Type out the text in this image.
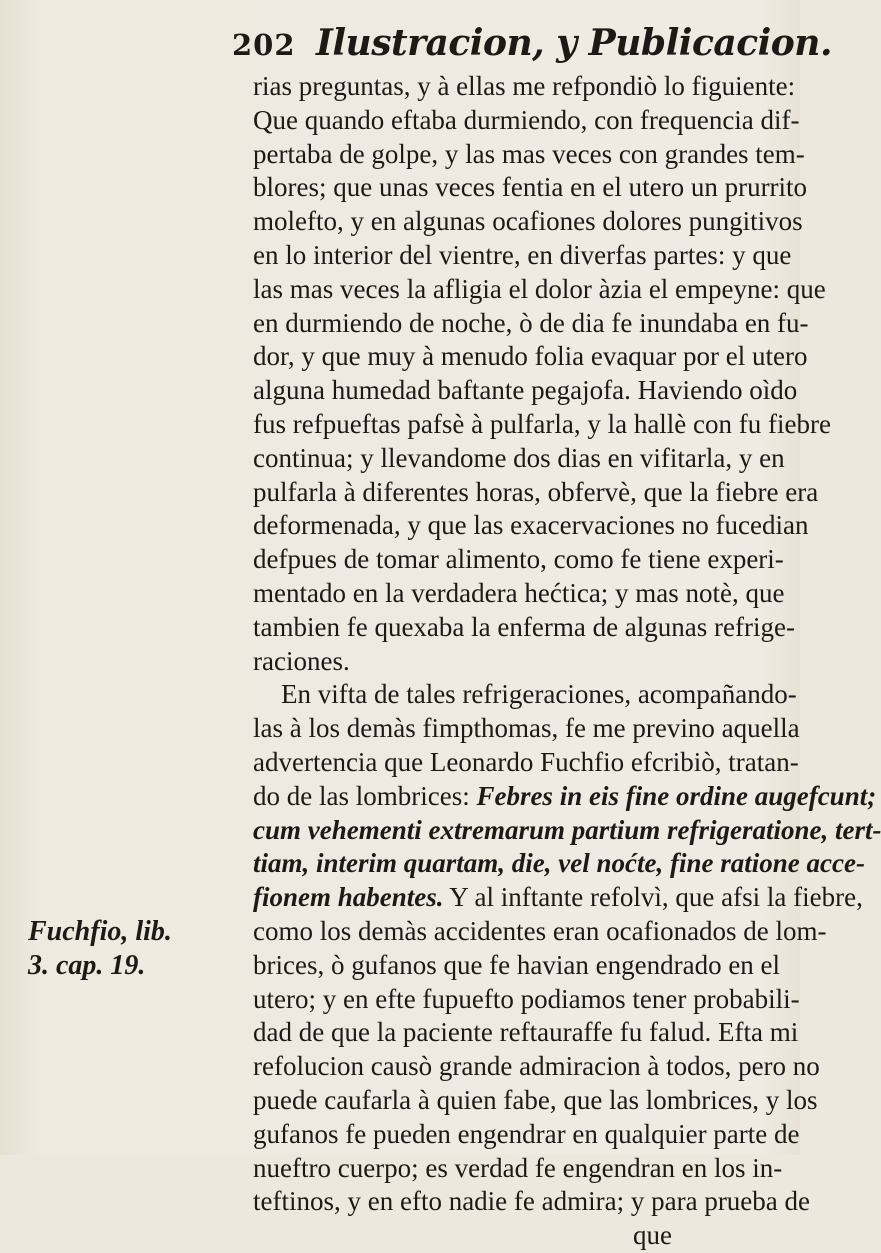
202 Ilustracion, y Publicacion.
rias preguntas, y à ellas me refpondiò lo figuiente:
Que quando eftaba durmiendo, con frequencia dif-
pertaba de golpe, y las mas veces con grandes tem-
blores; que unas veces fentia en el utero un prurrito
molefto, y en algunas ocafiones dolores pungitivos
en lo interior del vientre, en diverfas partes: y que
las mas veces la afligia el dolor àzia el empeyne: que
en durmiendo de noche, ò de dia fe inundaba en fu-
dor, y que muy à menudo folia evaquar por el utero
alguna humedad baftante pegajofa. Haviendo oìdo
fus refpueftas pafsè à pulfarla, y la hallè con fu fiebre
continua; y llevandome dos dias en vifitarla, y en
pulfarla à diferentes horas, obfervè, que la fiebre era
deformenada, y que las exacervaciones no fucedian
defpues de tomar alimento, como fe tiene experi-
mentado en la verdadera hećtica; y mas notè, que
tambien fe quexaba la enferma de algunas refrige-
raciones.
En vifta de tales refrigeraciones, acompañando-
las à los demàs fimpthomas, fe me previno aquella
advertencia que Leonardo Fuchfio efcribiò, tratan-
do de las lombrices: Febres in eis fine ordine augefcunt;
cum vehementi extremarum partium refrigeratione, tert-
tiam, interim quartam, die, vel noćte, fine ratione acce-
fionem habentes. Y al inftante refolvì, que afsi la fiebre,
como los demàs accidentes eran ocafionados de lom-
brices, ò gufanos que fe havian engendrado en el
utero; y en efte fupuefto podiamos tener probabili-
dad de que la paciente reftauraffe fu falud. Efta mi
refolucion causò grande admiracion à todos, pero no
puede caufarla à quien fabe, que las lombrices, y los
gufanos fe pueden engendrar en qualquier parte de
nueftro cuerpo; es verdad fe engendran en los in-
teftinos, y en efto nadie fe admira; y para prueba de
que
Fuchfio, lib.
3. cap. 19.
